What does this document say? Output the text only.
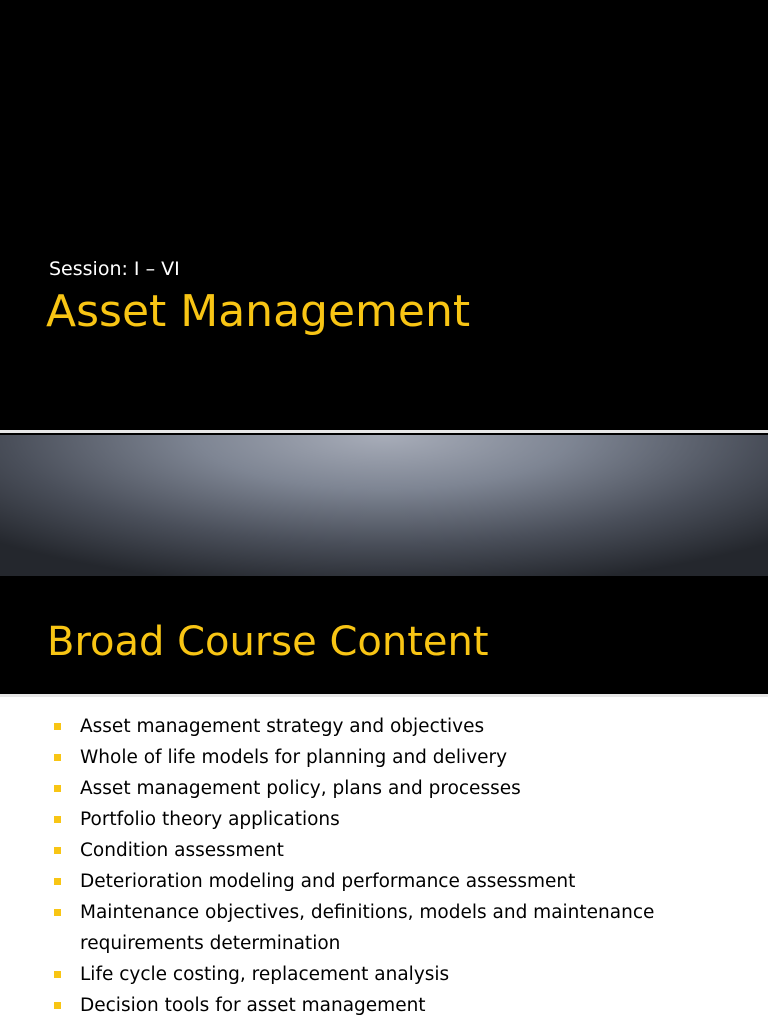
Session: I – VI
Asset Management
Broad Course Content
Asset management strategy and objectives
Whole of life models for planning and delivery
Asset management policy, plans and processes
Portfolio theory applications
Condition assessment
Deterioration modeling and performance assessment
Maintenance objectives, definitions, models and maintenance requirements determination
Life cycle costing, replacement analysis
Decision tools for asset management
